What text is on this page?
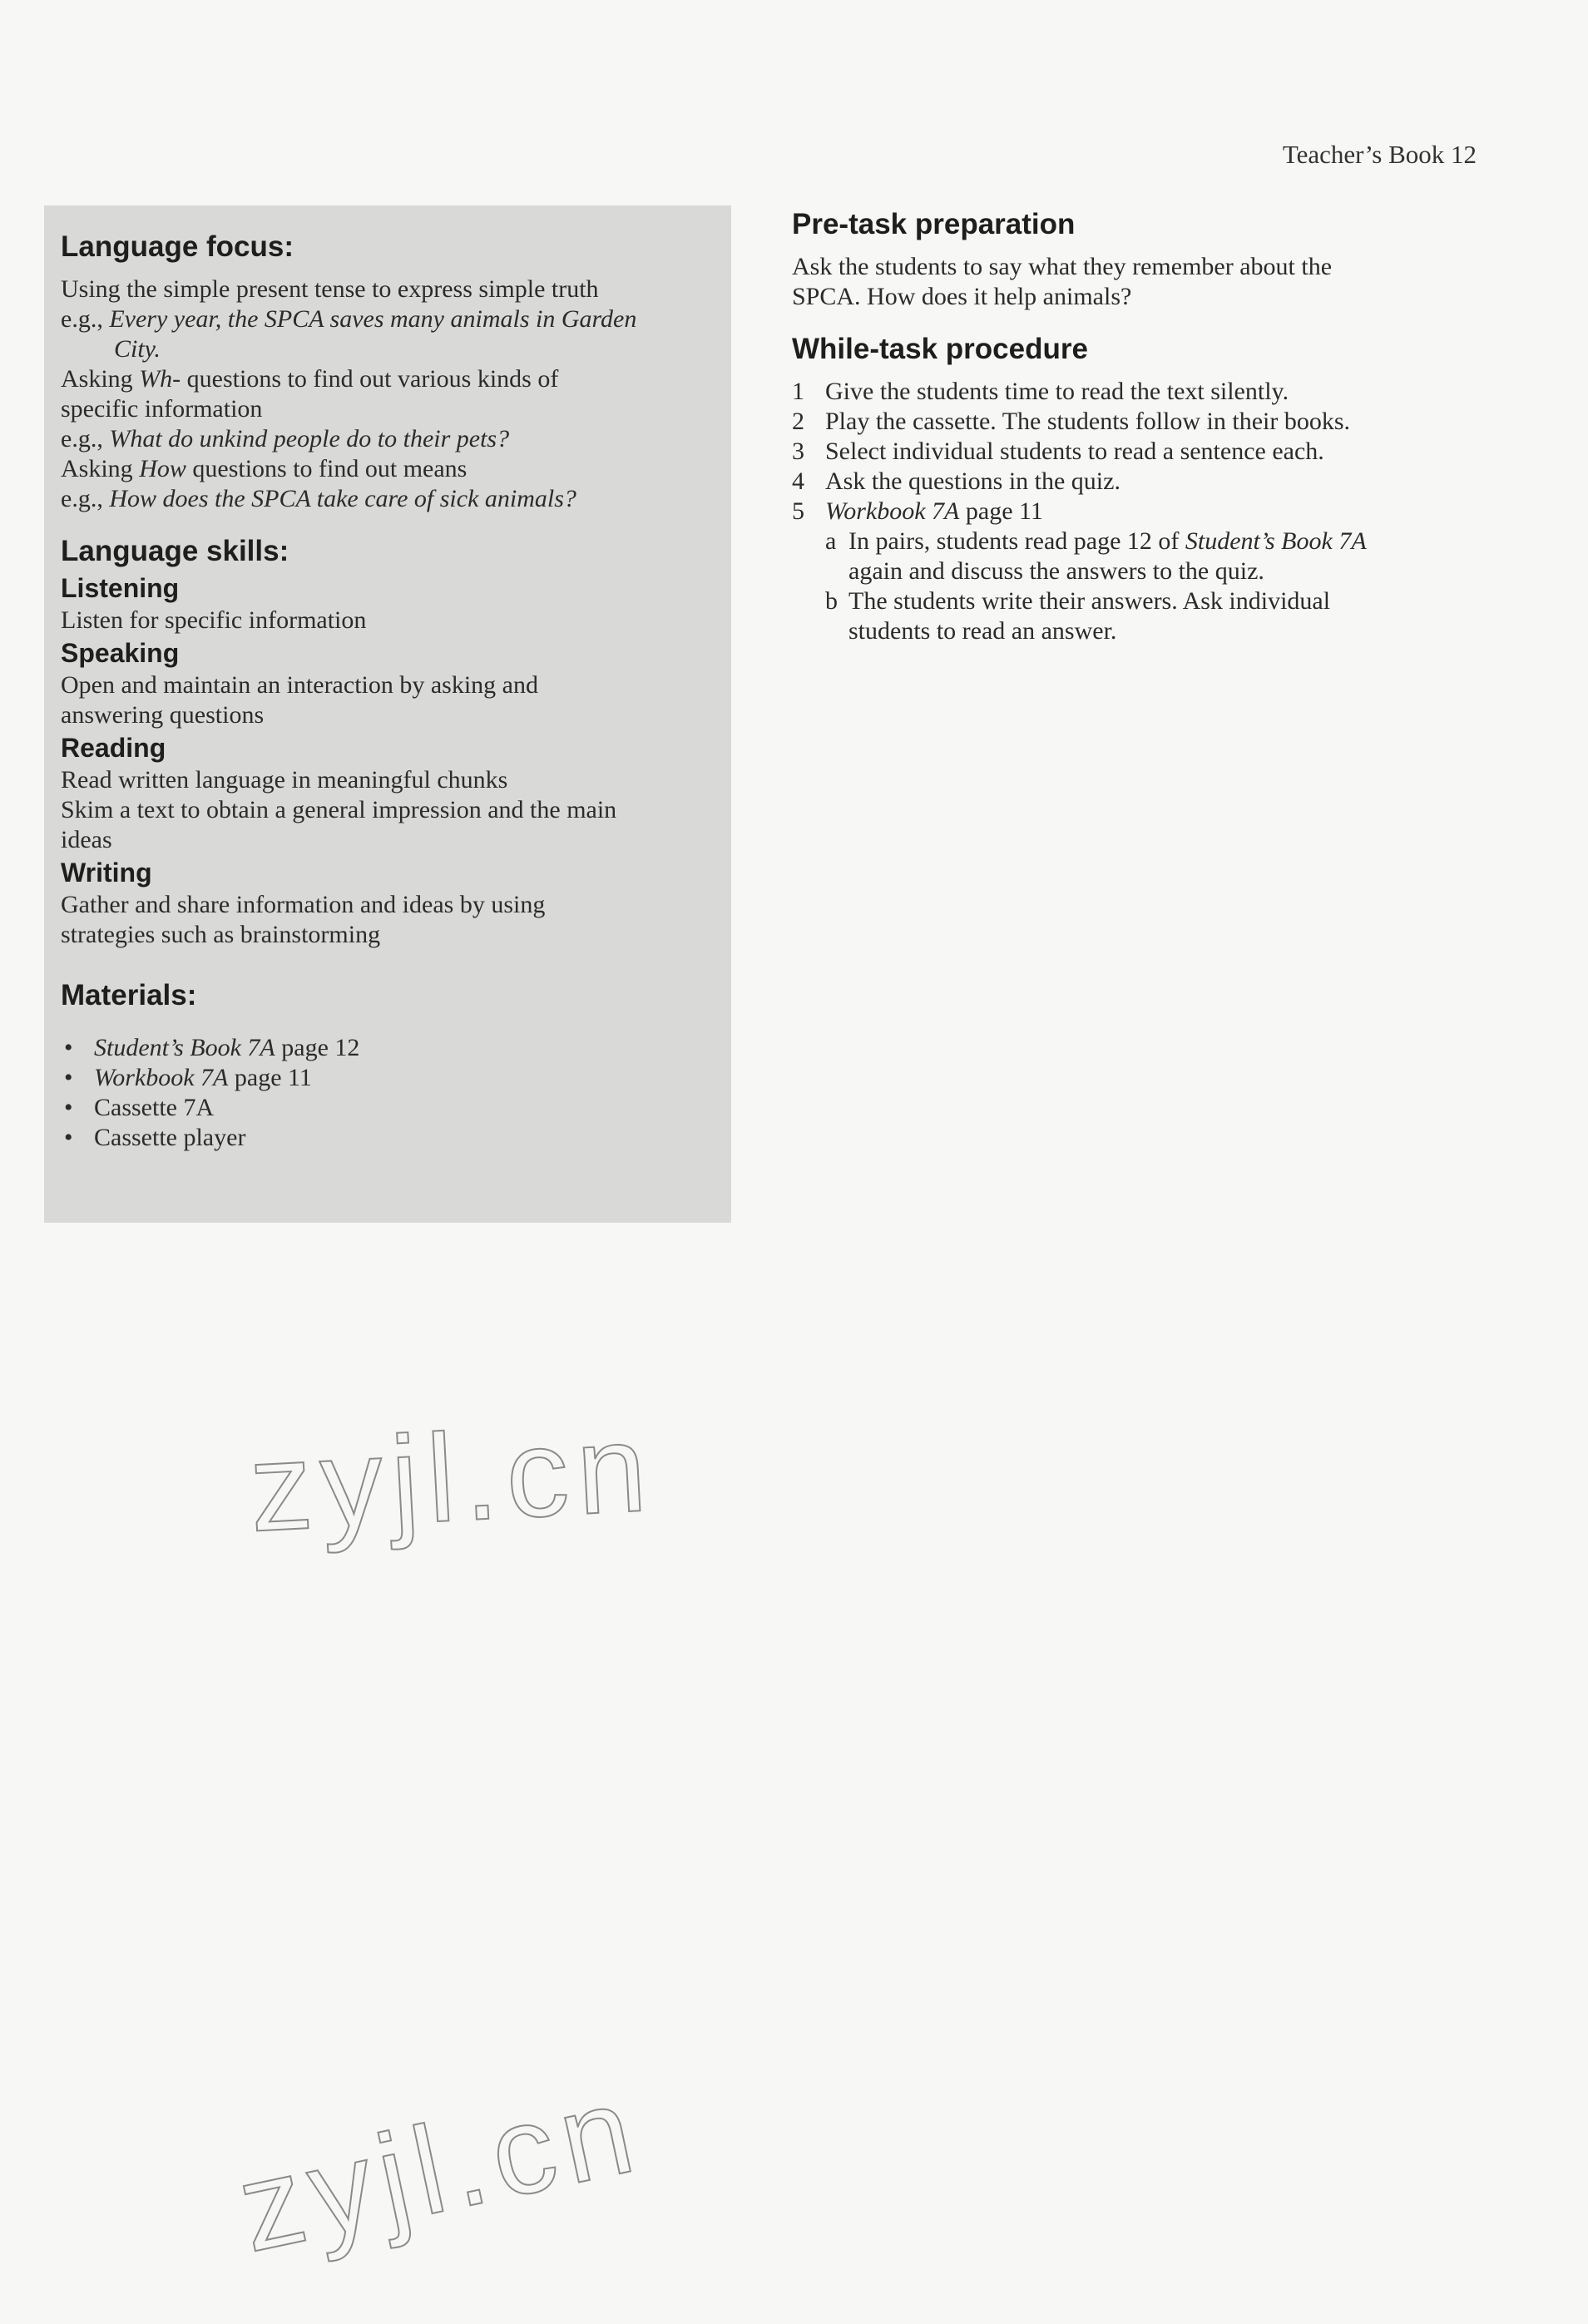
Teacher’s Book 12
Language focus:

Using the simple present tense to express simple truth

e.g., Every year, the SPCA saves many animals in Garden

City.

Asking Wh- questions to find out various kinds of

specific information

e.g., What do unkind people do to their pets?

Asking How questions to find out means

e.g., How does the SPCA take care of sick animals?

Language skills:
Listening

Listen for specific information

Speaking

Open and maintain an interaction by asking and

answering questions

Reading

Read written language in meaningful chunks

Skim a text to obtain a general impression and the main

ideas

Writing

Gather and share information and ideas by using

strategies such as brainstorming

Materials:
• Student’s Book 7A page 12
• Workbook 7A page 11
• Cassette 7A
• Cassette player
Pre-task preparation

Ask the students to say what they remember about the

SPCA. How does it help animals?

While-task procedure
1 Give the students time to read the text silently.
2 Play the cassette. The students follow in their books.
3 Select individual students to read a sentence each.
4 Ask the questions in the quiz.
5 Workbook 7A page 11
a In pairs, students read page 12 of Student’s Book 7A
again and discuss the answers to the quiz.
b The students write their answers. Ask individual
students to read an answer.
zyjl.cn
zyjl.cn
